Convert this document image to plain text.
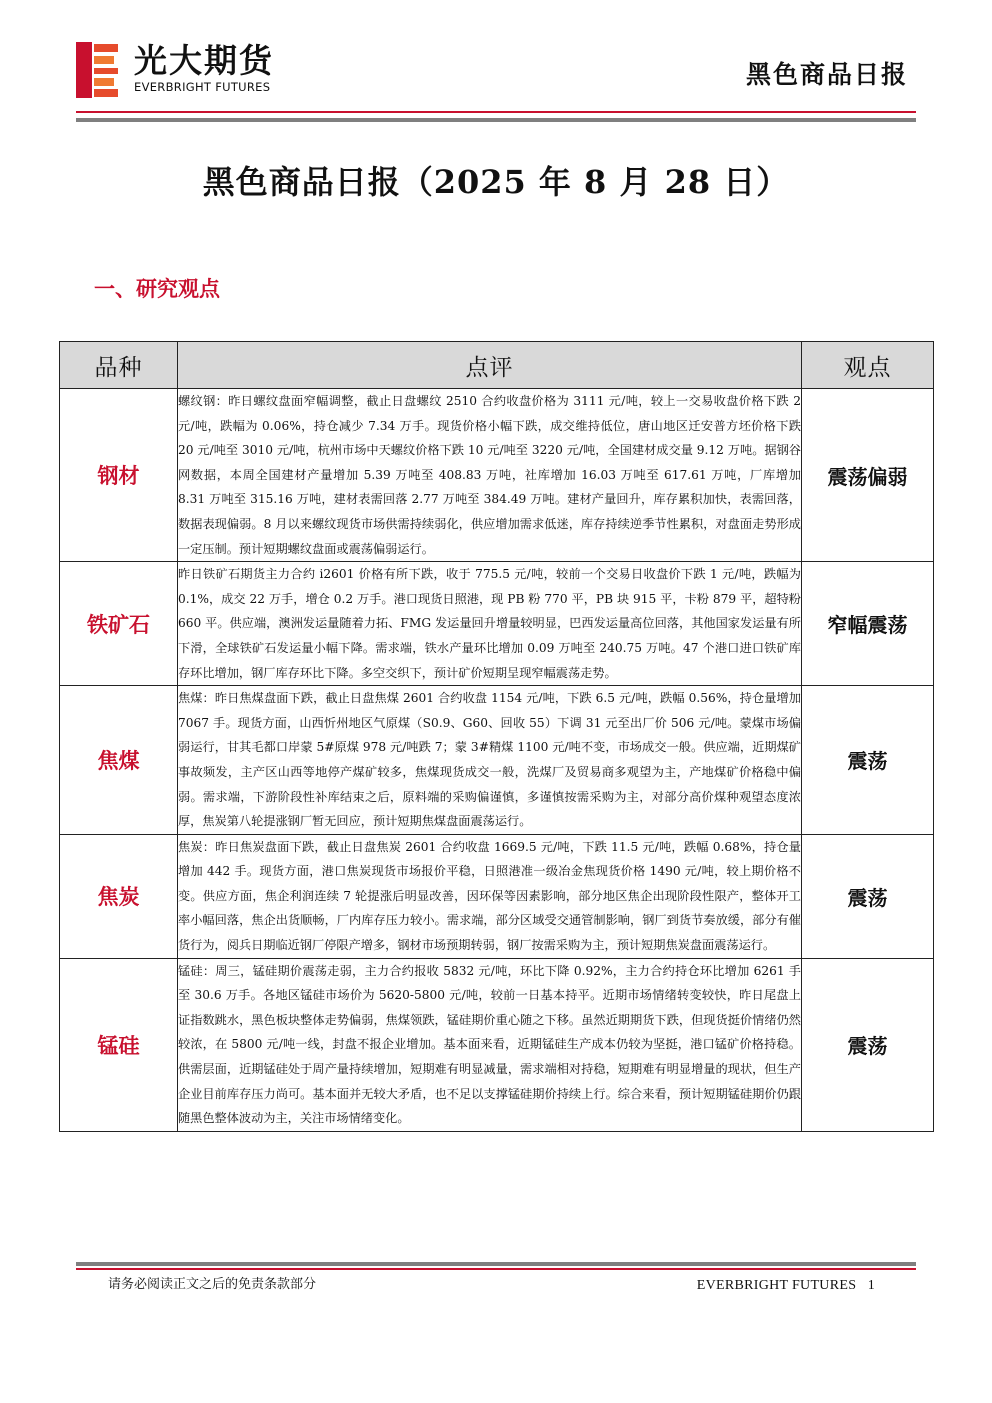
光大期货
EVERBRIGHT FUTURES	黑色商品日报
黑色商品日报（2025 年 8 月 28 日）
一、研究观点
品种	点评	观点
钢材	螺纹钢：昨日螺纹盘面窄幅调整，截止日盘螺纹 2510 合约收盘价格为 3111 元/吨，较上一交易收盘价格下跌 2 元/吨，跌幅为 0.06%，持仓减少 7.34 万手。现货价格小幅下跌，成交维持低位，唐山地区迁安普方坯价格下跌 20 元/吨至 3010 元/吨，杭州市场中天螺纹价格下跌 10 元/吨至 3220 元/吨，全国建材成交量 9.12 万吨。据钢谷网数据，本周全国建材产量增加 5.39 万吨至 408.83 万吨，社库增加 16.03 万吨至 617.61 万吨，厂库增加 8.31 万吨至 315.16 万吨，建材表需回落 2.77 万吨至 384.49 万吨。建材产量回升，库存累积加快，表需回落，数据表现偏弱。8 月以来螺纹现货市场供需持续弱化，供应增加需求低迷，库存持续逆季节性累积，对盘面走势形成一定压制。预计短期螺纹盘面或震荡偏弱运行。	震荡偏弱
铁矿石	昨日铁矿石期货主力合约 i2601 价格有所下跌，收于 775.5 元/吨，较前一个交易日收盘价下跌 1 元/吨，跌幅为 0.1%，成交 22 万手，增仓 0.2 万手。港口现货日照港，现 PB 粉 770 平，PB 块 915 平，卡粉 879 平，超特粉 660 平。供应端，澳洲发运量随着力拓、FMG 发运量回升增量较明显，巴西发运量高位回落，其他国家发运量有所下滑，全球铁矿石发运量小幅下降。需求端，铁水产量环比增加 0.09 万吨至 240.75 万吨。47 个港口进口铁矿库存环比增加，钢厂库存环比下降。多空交织下，预计矿价短期呈现窄幅震荡走势。	窄幅震荡
焦煤	焦煤：昨日焦煤盘面下跌，截止日盘焦煤 2601 合约收盘 1154 元/吨，下跌 6.5 元/吨，跌幅 0.56%，持仓量增加 7067 手。现货方面，山西忻州地区气原煤（S0.9、G60、回收 55）下调 31 元至出厂价 506 元/吨。蒙煤市场偏弱运行，甘其毛都口岸蒙 5#原煤 978 元/吨跌 7；蒙 3#精煤 1100 元/吨不变，市场成交一般。供应端，近期煤矿事故频发，主产区山西等地停产煤矿较多，焦煤现货成交一般，洗煤厂及贸易商多观望为主，产地煤矿价格稳中偏弱。需求端，下游阶段性补库结束之后，原料端的采购偏谨慎，多谨慎按需采购为主，对部分高价煤种观望态度浓厚，焦炭第八轮提涨钢厂暂无回应，预计短期焦煤盘面震荡运行。	震荡
焦炭	焦炭：昨日焦炭盘面下跌，截止日盘焦炭 2601 合约收盘 1669.5 元/吨，下跌 11.5 元/吨，跌幅 0.68%，持仓量增加 442 手。现货方面，港口焦炭现货市场报价平稳，日照港准一级冶金焦现货价格 1490 元/吨，较上期价格不变。供应方面，焦企利润连续 7 轮提涨后明显改善，因环保等因素影响，部分地区焦企出现阶段性限产，整体开工率小幅回落，焦企出货顺畅，厂内库存压力较小。需求端，部分区域受交通管制影响，钢厂到货节奏放缓，部分有催货行为，阅兵日期临近钢厂停限产增多，钢材市场预期转弱，钢厂按需采购为主，预计短期焦炭盘面震荡运行。	震荡
锰硅	锰硅：周三，锰硅期价震荡走弱，主力合约报收 5832 元/吨，环比下降 0.92%，主力合约持仓环比增加 6261 手至 30.6 万手。各地区锰硅市场价为 5620-5800 元/吨，较前一日基本持平。近期市场情绪转变较快，昨日尾盘上证指数跳水，黑色板块整体走势偏弱，焦煤领跌，锰硅期价重心随之下移。虽然近期期货下跌，但现货挺价情绪仍然较浓，在 5800 元/吨一线，封盘不报企业增加。基本面来看，近期锰硅生产成本仍较为坚挺，港口锰矿价格持稳。供需层面，近期锰硅处于周产量持续增加，短期难有明显减量，需求端相对持稳，短期难有明显增量的现状，但生产企业目前库存压力尚可。基本面并无较大矛盾，也不足以支撑锰硅期价持续上行。综合来看，预计短期锰硅期价仍跟随黑色整体波动为主，关注市场情绪变化。	震荡
请务必阅读正文之后的免责条款部分	EVERBRIGHT FUTURES 1
